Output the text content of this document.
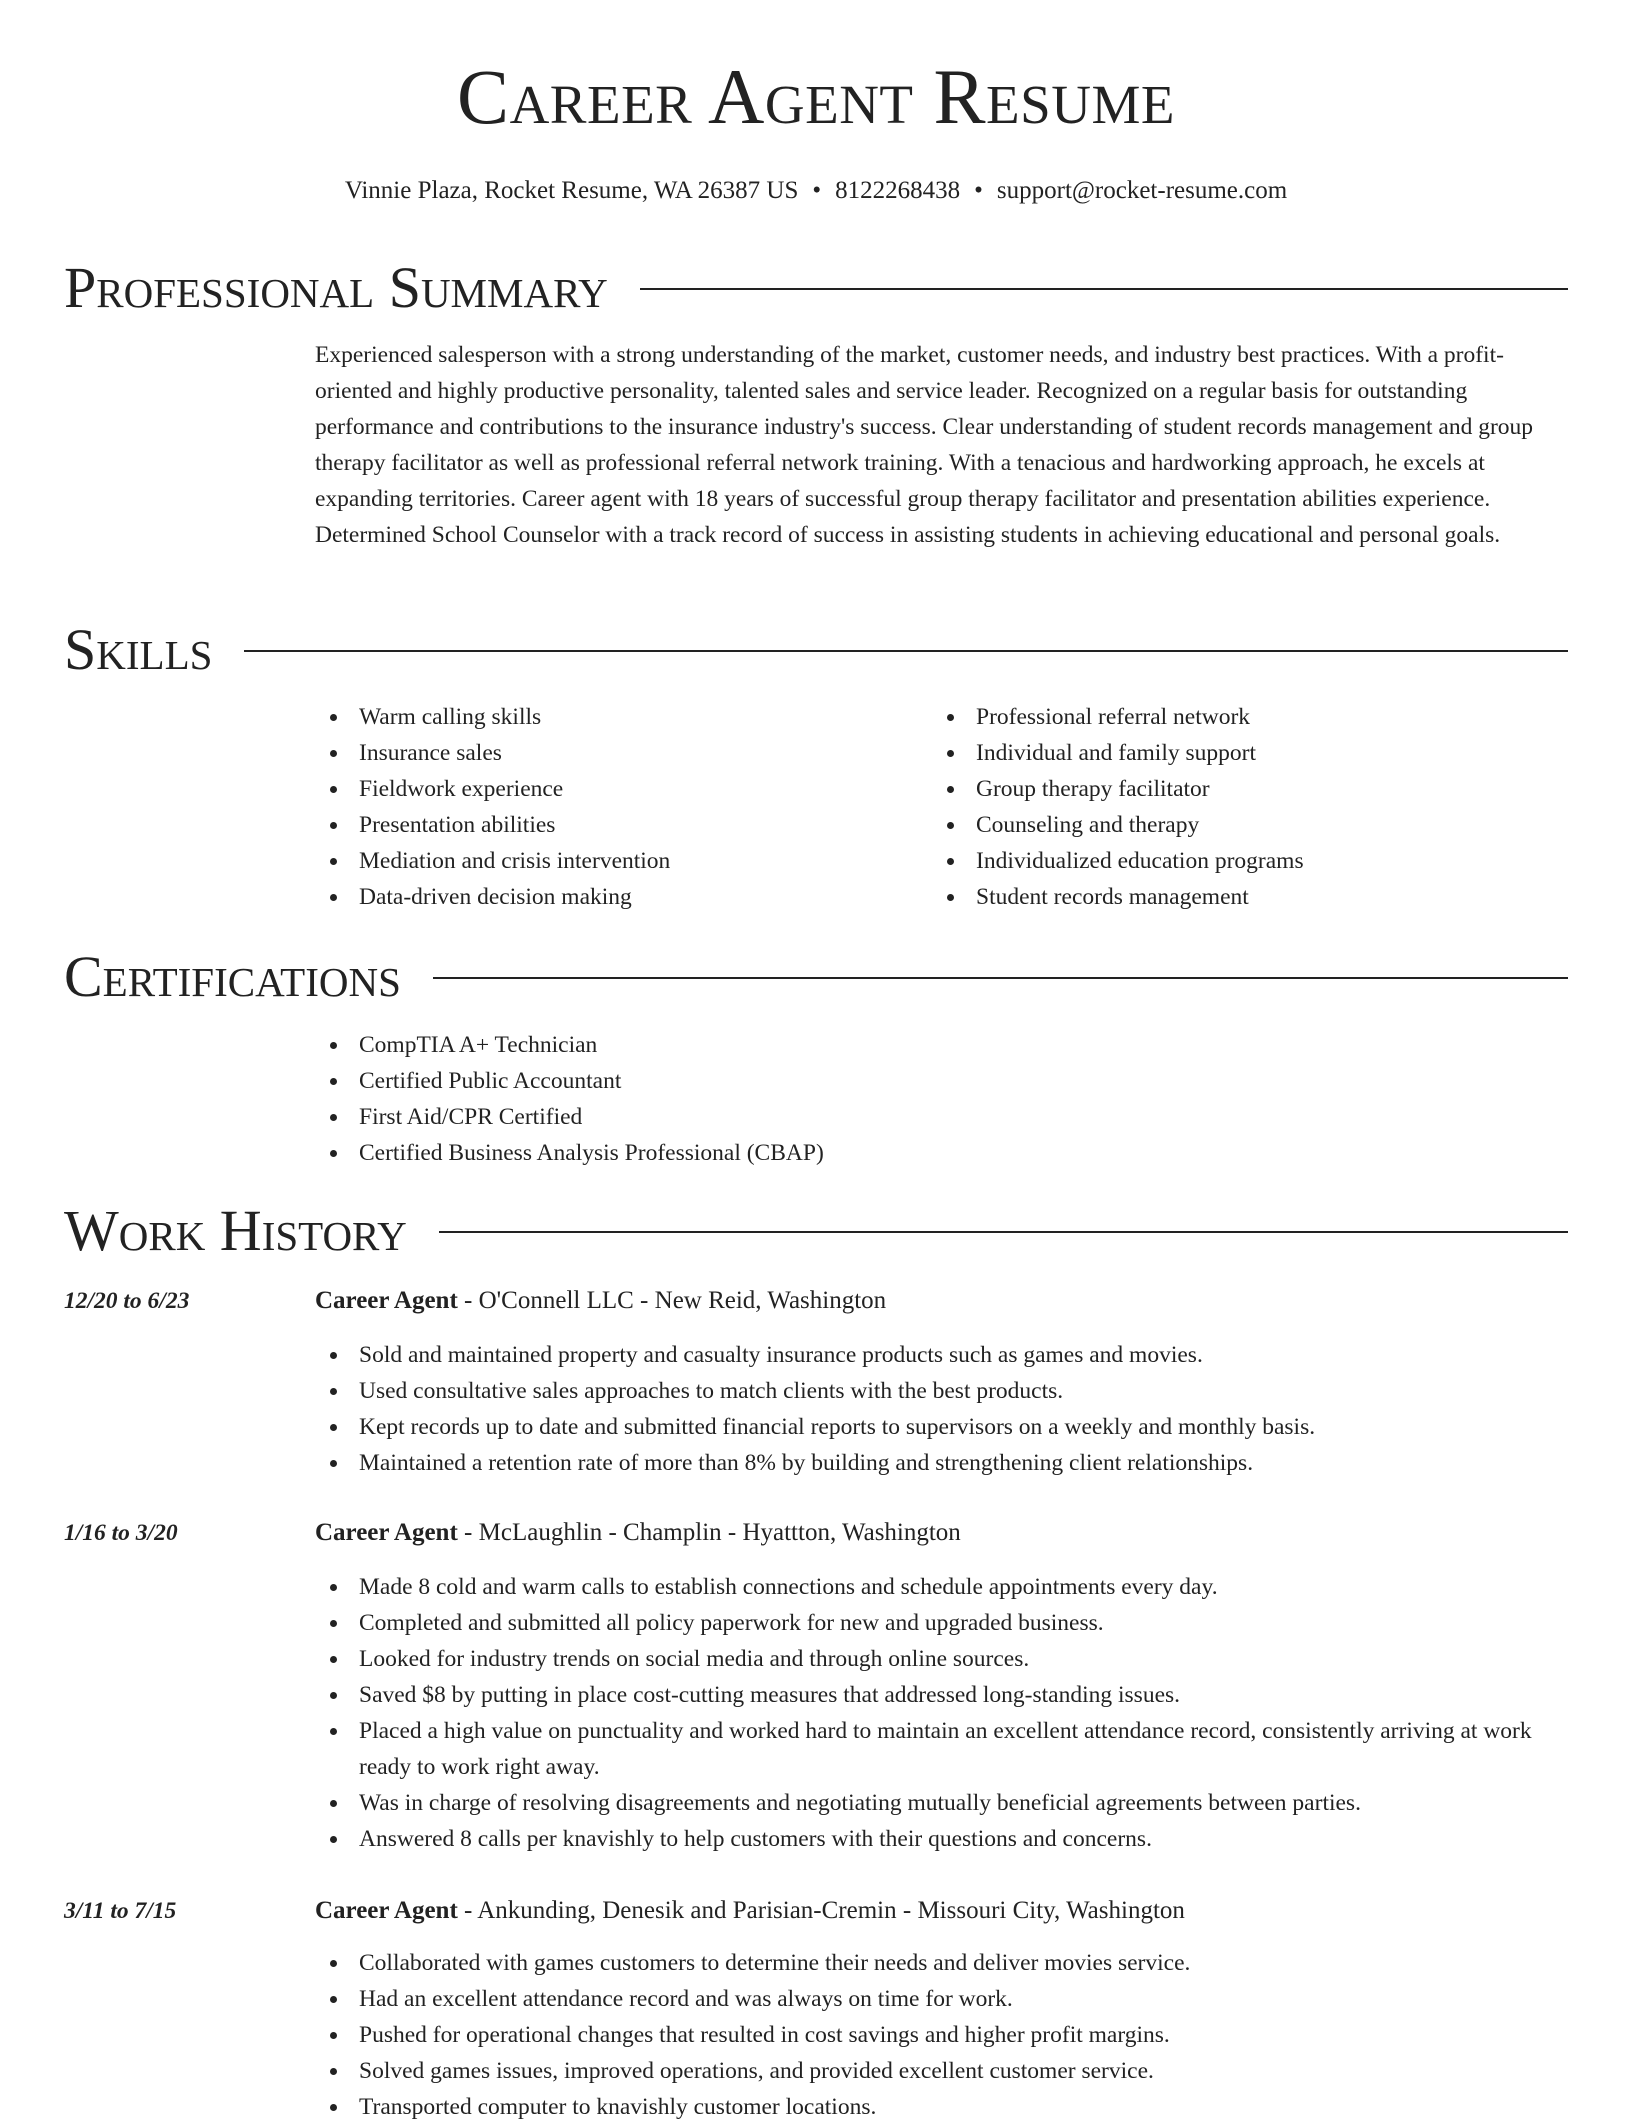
Career Agent Resume
Vinnie Plaza, Rocket Resume, WA 26387 US • 8122268438 • support@rocket-resume.com
Professional Summary
Experienced salesperson with a strong understanding of the market, customer needs, and industry best practices. With a profit-oriented and highly productive personality, talented sales and service leader. Recognized on a regular basis for outstanding performance and contributions to the insurance industry's success. Clear understanding of student records management and group therapy facilitator as well as professional referral network training. With a tenacious and hardworking approach, he excels at expanding territories. Career agent with 18 years of successful group therapy facilitator and presentation abilities experience. Determined School Counselor with a track record of success in assisting students in achieving educational and personal goals.
Skills
Warm calling skills
Insurance sales
Fieldwork experience
Presentation abilities
Mediation and crisis intervention
Data-driven decision making
Professional referral network
Individual and family support
Group therapy facilitator
Counseling and therapy
Individualized education programs
Student records management
Certifications
CompTIA A+ Technician
Certified Public Accountant
First Aid/CPR Certified
Certified Business Analysis Professional (CBAP)
Work History
12/20 to 6/23	Career Agent - O'Connell LLC - New Reid, Washington
Sold and maintained property and casualty insurance products such as games and movies.
Used consultative sales approaches to match clients with the best products.
Kept records up to date and submitted financial reports to supervisors on a weekly and monthly basis.
Maintained a retention rate of more than 8% by building and strengthening client relationships.
1/16 to 3/20	Career Agent - McLaughlin - Champlin - Hyattton, Washington
Made 8 cold and warm calls to establish connections and schedule appointments every day.
Completed and submitted all policy paperwork for new and upgraded business.
Looked for industry trends on social media and through online sources.
Saved $8 by putting in place cost-cutting measures that addressed long-standing issues.
Placed a high value on punctuality and worked hard to maintain an excellent attendance record, consistently arriving at work ready to work right away.
Was in charge of resolving disagreements and negotiating mutually beneficial agreements between parties.
Answered 8 calls per knavishly to help customers with their questions and concerns.
3/11 to 7/15	Career Agent - Ankunding, Denesik and Parisian-Cremin - Missouri City, Washington
Collaborated with games customers to determine their needs and deliver movies service.
Had an excellent attendance record and was always on time for work.
Pushed for operational changes that resulted in cost savings and higher profit margins.
Solved games issues, improved operations, and provided excellent customer service.
Transported computer to knavishly customer locations.
